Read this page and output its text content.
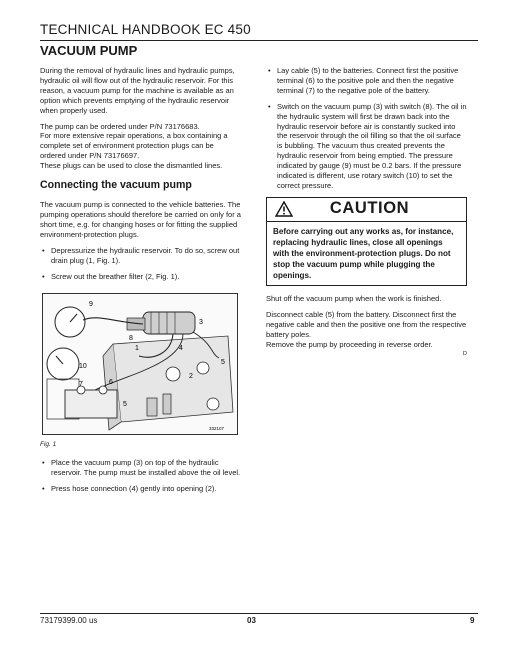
TECHNICAL HANDBOOK EC 450
VACUUM PUMP

During the removal of hydraulic lines and hydraulic pumps, hydraulic oil will flow out of the hydraulic reservoir. For this reason, a vacuum pump for the machine is available as an option which prevents emptying of the hydraulic reservoir when properly used.

The pump can be ordered under P/N 73176683.

For more extensive repair operations, a box containing a complete set of environment protection plugs can be ordered under P/N 73176697.

These plugs can be used to close the dismantled lines.

Connecting the vacuum pump

The vacuum pump is connected to the vehicle batteries. The pumping operations should therefore be carried on only for a short time, e.g. for changing hoses or for fitting the supplied environment-protection plugs.

• Depressurize the hydraulic reservoir. To do so, screw out drain plug (1, Fig. 1).

• Screw out the breather filter (2, Fig. 1).

9
3
8
1	4
5
10
2
6
7
5
332107
Fig. 1

• Place the vacuum pump (3) on top of the hydraulic reservoir. The pump must be installed above the oil level.

• Press hose connection (4) gently into opening (2).

• Lay cable (5) to the batteries. Connect first the positive terminal (6) to the positive pole and then the negative terminal (7) to the negative pole of the battery.

• Switch on the vacuum pump (3) with switch (8). The oil in the hydraulic system will first be drawn back into the hydraulic reservoir before air is constantly sucked into the reservoir through the oil filling so that the oil surface is bubbling. The vacuum thus created prevents the hydraulic reservoir from being emptied. The pressure indicated by gauge (9) must be 0.2 bars. If the pressure indicated is different, use rotary switch (10) to set the correct pressure.

CAUTION
Before carrying out any works as, for instance, replacing hydraulic lines, close all openings with the environment-protection plugs. Do not stop the vacuum pump while plugging the openings.

Shut off the vacuum pump when the work is finished.

Disconnect cable (5) from the battery. Disconnect first the negative cable and then the positive one from the respective battery poles.

Remove the pump by proceeding in reverse order.

D
73179399.00 us	03	9
